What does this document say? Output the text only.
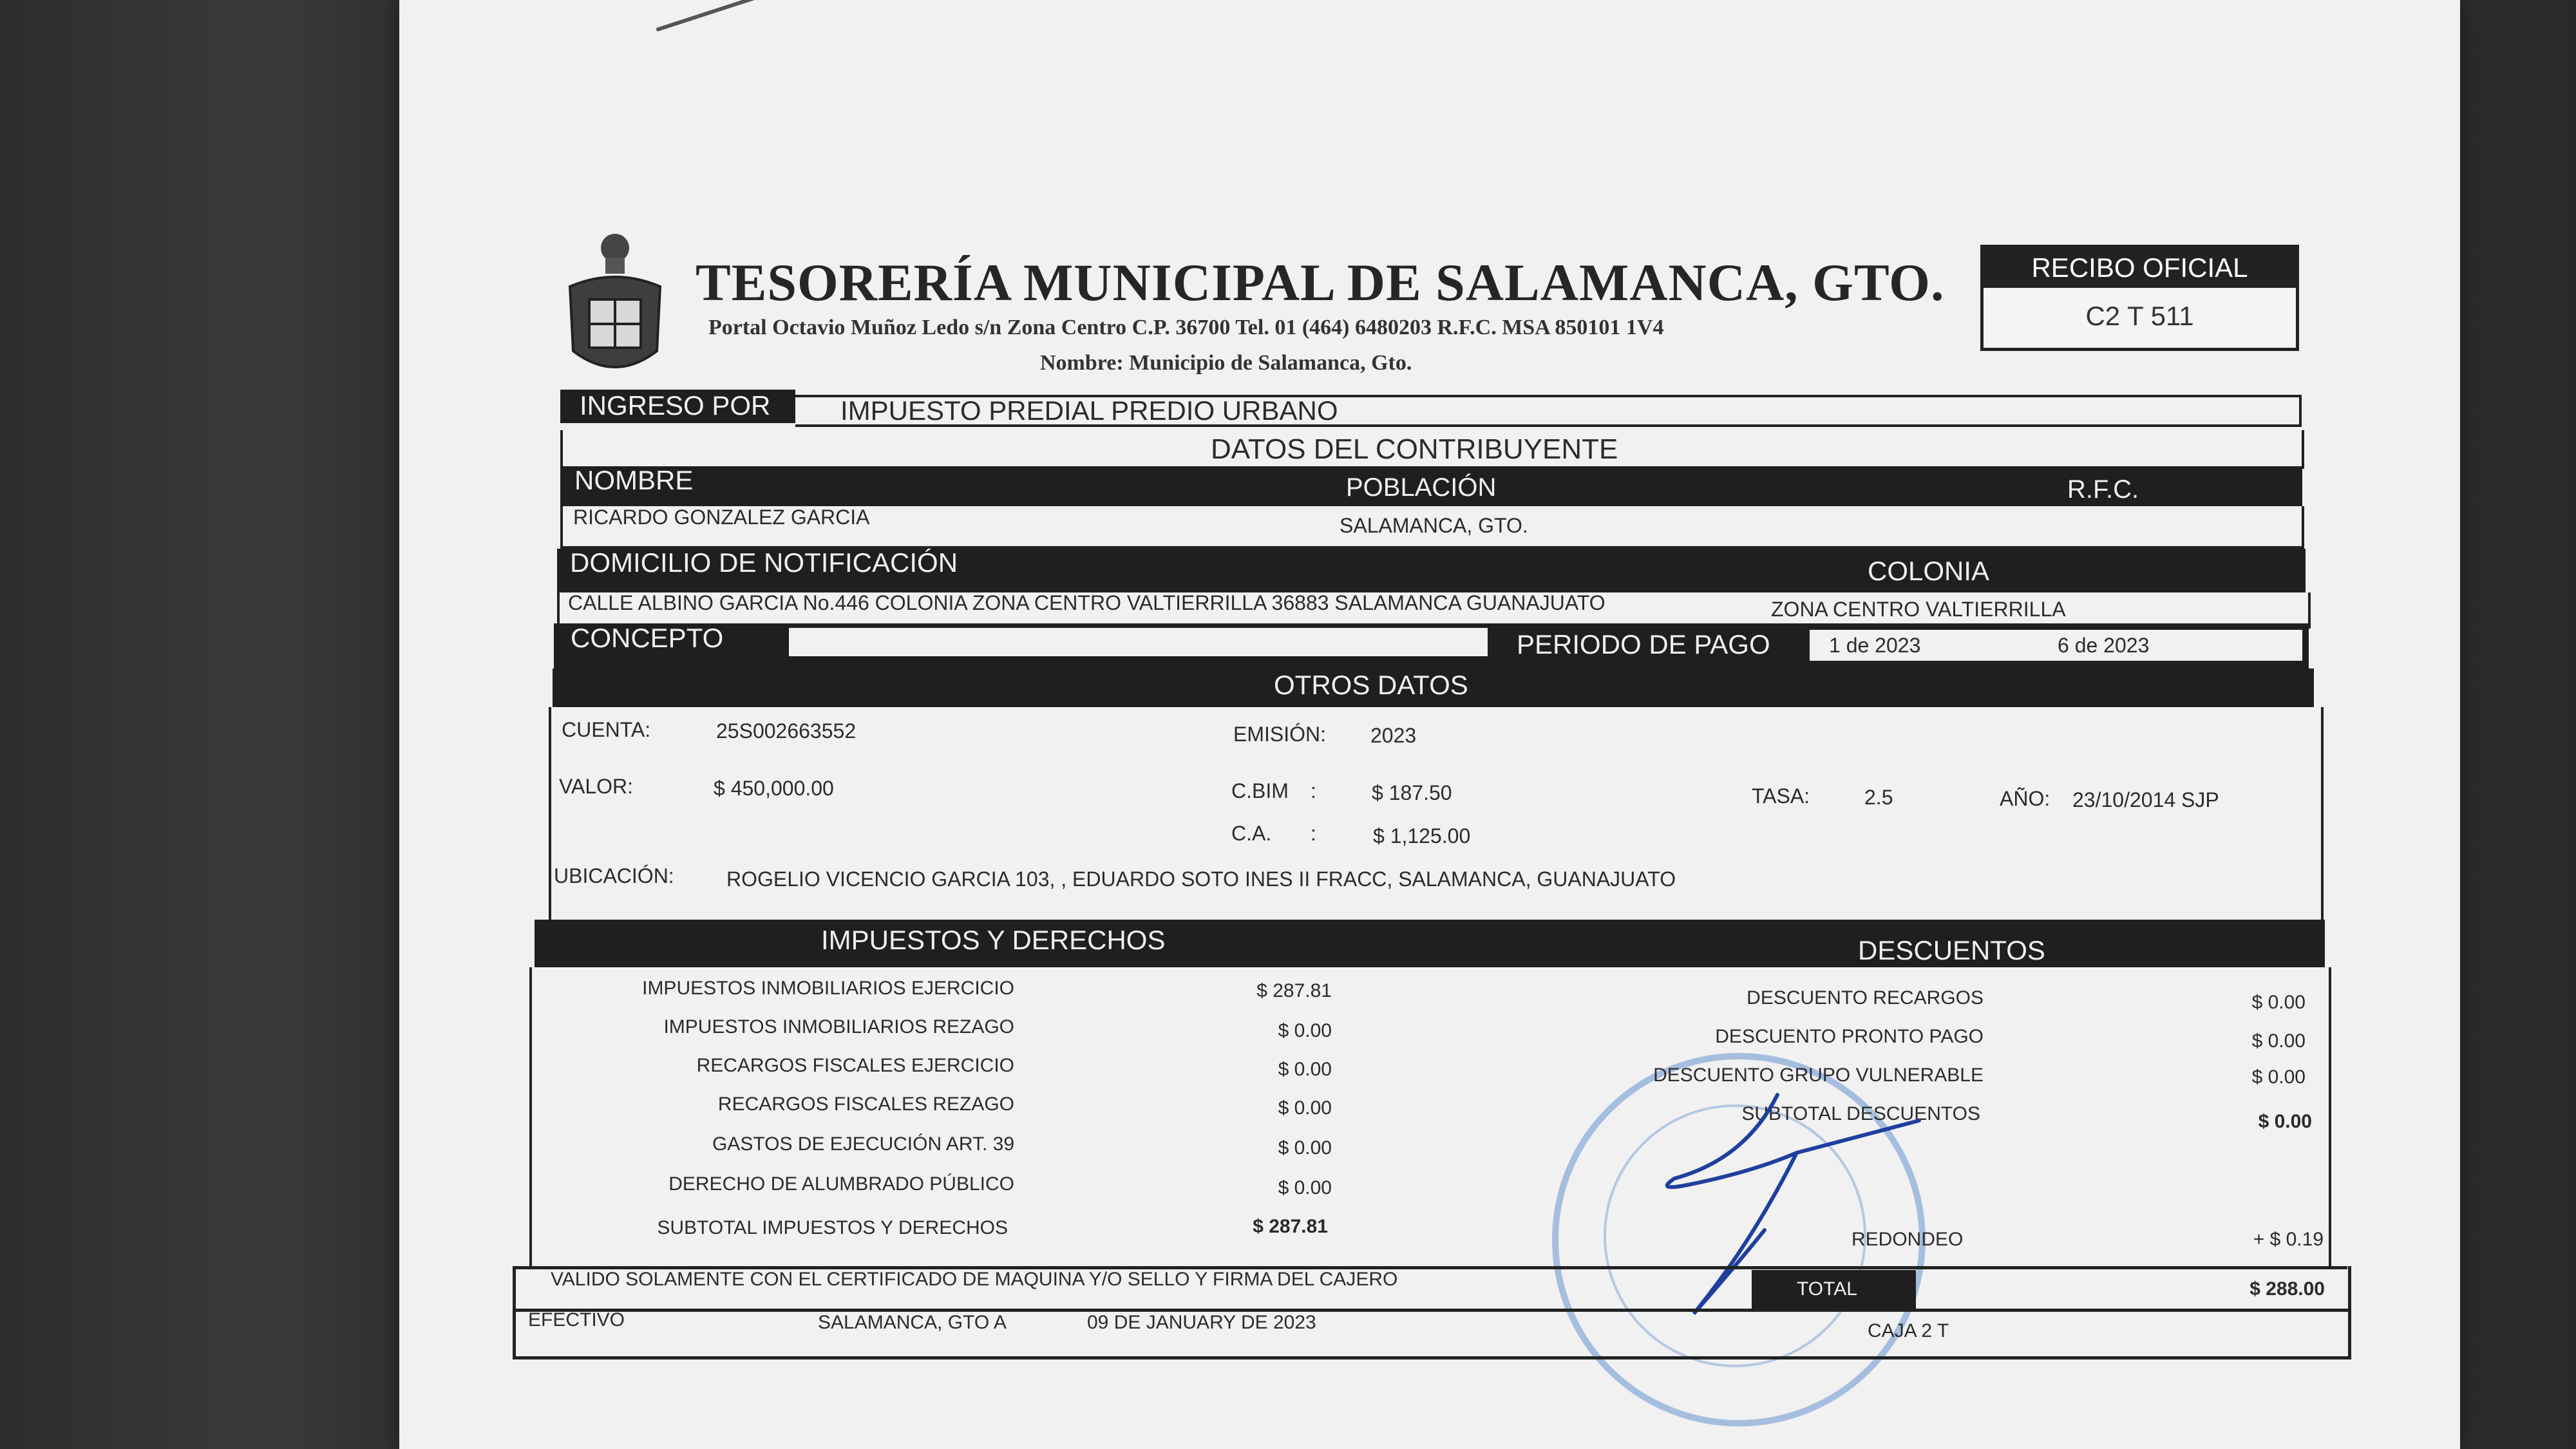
TESORERÍA MUNICIPAL DE SALAMANCA, GTO.
Portal Octavio Muñoz Ledo s/n Zona Centro C.P. 36700 Tel. 01 (464) 6480203 R.F.C. MSA 850101 1V4
Nombre: Municipio de Salamanca, Gto.
RECIBO OFICIAL
C2 T 511
INGRESO POR	IMPUESTO PREDIAL PREDIO URBANO
DATOS DEL CONTRIBUYENTE
NOMBRE	POBLACIÓN	R.F.C.
RICARDO GONZALEZ GARCIA	SALAMANCA, GTO.
DOMICILIO DE NOTIFICACIÓN	COLONIA
CALLE ALBINO GARCIA No.446 COLONIA ZONA CENTRO VALTIERRILLA 36883 SALAMANCA GUANAJUATO	ZONA CENTRO VALTIERRILLA
CONCEPTO	PERIODO DE PAGO	1 de 2023	6 de 2023
OTROS DATOS
CUENTA:	25S002663552	EMISIÓN: 2023
VALOR:	$ 450,000.00	C.BIM :	$ 187.50	TASA:	2.5	AÑO: 23/10/2014 SJP
C.A. :	$ 1,125.00
UBICACIÓN:	ROGELIO VICENCIO GARCIA 103, , EDUARDO SOTO INES II FRACC, SALAMANCA, GUANAJUATO
IMPUESTOS Y DERECHOS	DESCUENTOS
IMPUESTOS INMOBILIARIOS EJERCICIO	$ 287.81
IMPUESTOS INMOBILIARIOS REZAGO	$ 0.00
RECARGOS FISCALES EJERCICIO	$ 0.00
RECARGOS FISCALES REZAGO	$ 0.00
GASTOS DE EJECUCIÓN ART. 39	$ 0.00
DERECHO DE ALUMBRADO PÚBLICO	$ 0.00
SUBTOTAL IMPUESTOS Y DERECHOS	$ 287.81
DESCUENTO RECARGOS	$ 0.00
DESCUENTO PRONTO PAGO	$ 0.00
DESCUENTO GRUPO VULNERABLE	$ 0.00
SUBTOTAL DESCUENTOS	$ 0.00
REDONDEO	+ $ 0.19
VALIDO SOLAMENTE CON EL CERTIFICADO DE MAQUINA Y/O SELLO Y FIRMA DEL CAJERO	TOTAL	$ 288.00
EFECTIVO	SALAMANCA, GTO A	09 DE JANUARY DE 2023	CAJA 2 T
